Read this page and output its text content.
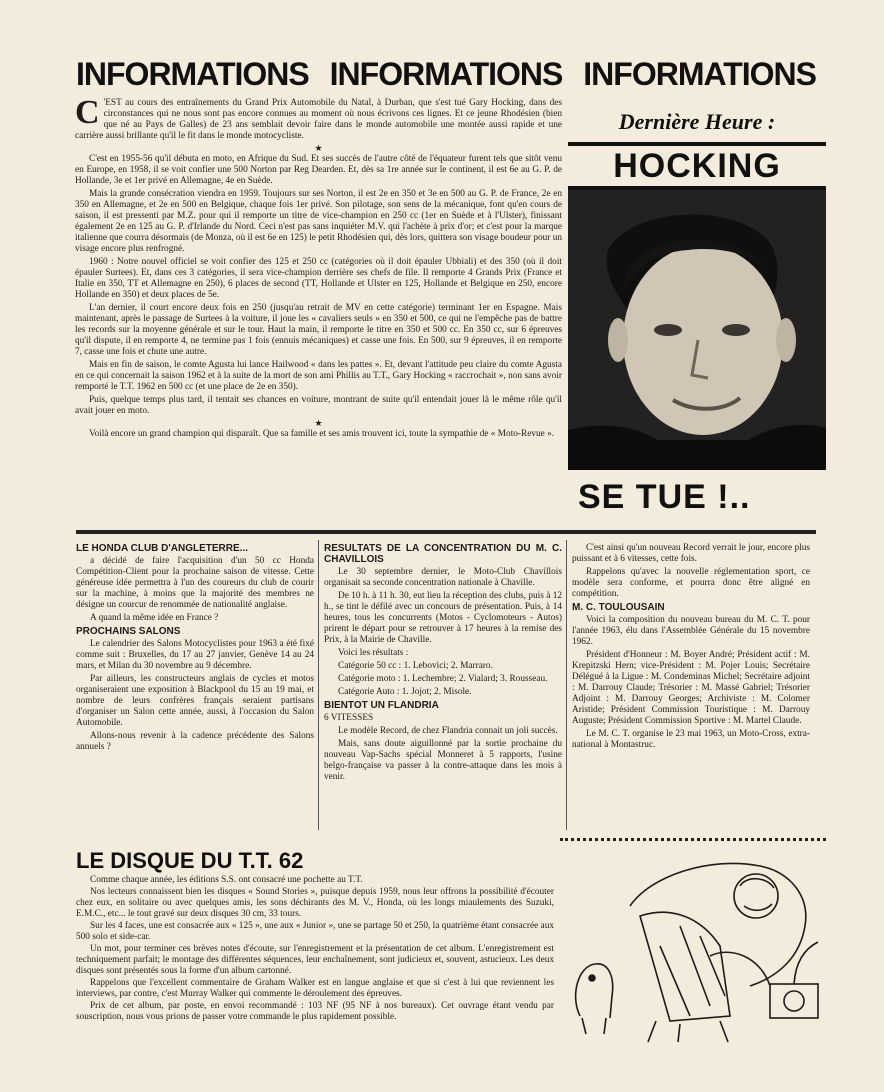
INFORMATIONS INFORMATIONS INFORMATIONS

C 'EST au cours des entraînements du Grand Prix Automobile du Natal, à Durban, que s'est tué Gary Hocking, dans des circonstances qui ne nous sont pas encore connues au moment où nous écrivons ces lignes. Et ce jeune Rhodésien (bien que né au Pays de Galles) de 23 ans semblait devoir faire dans le monde automobile une montée aussi rapide et une carrière aussi brillante qu'il le fit dans le monde motocycliste.

★

C'est en 1955-56 qu'il débuta en moto, en Afrique du Sud. Et ses succès de l'autre côté de l'équateur furent tels que sitôt venu en Europe, en 1958, il se voit confier une 500 Norton par Reg Dearden. Et, dès sa 1re année sur le continent, il est 6e au G. P. de Hollande, 3e et 1er privé en Allemagne, 4e en Suède.

Mais la grande consécration viendra en 1959. Toujours sur ses Norton, il est 2e en 350 et 3e en 500 au G. P. de France, 2e en 350 en Allemagne, et 2e en 500 en Belgique, chaque fois 1er privé. Son pilotage, son sens de la mécanique, font qu'en cours de saison, il est pressenti par M.Z. pour qui il remporte un titre de vice-champion en 250 cc (1er en Suède et à l'Ulster), finissant également 2e en 125 au G. P. d'Irlande du Nord. Ceci n'est pas sans inquiéter M.V. qui l'achète à prix d'or; et c'est pour la marque italienne que courra désormais (de Monza, où il est 6e en 125) le petit Rhodésien qui, dès lors, quittera son visage boudeur pour un visage encore plus renfrogné.

1960 : Notre nouvel officiel se voit confier des 125 et 250 cc (catégories où il doit épauler Ubbiali) et des 350 (où il doit épauler Surtees). Et, dans ces 3 catégories, il sera vice-champion derrière ses chefs de file. Il remporte 4 Grands Prix (France et Italie en 350, TT et Allemagne en 250), 6 places de second (TT, Hollande et Ulster en 125, Hollande et Belgique en 250, encore Hollande en 350) et deux places de 5e.

L'an dernier, il court encore deux fois en 250 (jusqu'au retrait de MV en cette catégorie) terminant 1er en Espagne. Mais maintenant, après le passage de Surtees à la voiture, il joue les « cavaliers seuls » en 350 et 500, ce qui ne l'empêche pas de battre les records sur la moyenne générale et sur le tour. Haut la main, il remporte le titre en 350 et 500 cc. En 350 cc, sur 6 épreuves qu'il dispute, il en remporte 4, ne termine pas 1 fois (ennuis mécaniques) et casse une fois. En 500, sur 9 épreuves, il en remporte 7, casse une fois et chute une autre.

Mais en fin de saison, le comte Agusta lui lance Hailwood « dans les pattes ». Et, devant l'attitude peu claire du comte Agusta en ce qui concernait la saison 1962 et à la suite de la mort de son ami Phillis au T.T., Gary Hocking « raccrochait », non sans avoir remporté le T.T. 1962 en 500 cc (et une place de 2e en 350).

Puis, quelque temps plus tard, il tentait ses chances en voiture, montrant de suite qu'il entendait jouer là le même rôle qu'il avait jouer en moto.

★

Voilà encore un grand champion qui disparaît. Que sa famille et ses amis trouvent ici, toute la sympathie de « Moto-Revue ».

Dernière Heure :
HOCKING
SE TUE !..

LE HONDA CLUB D'ANGLETERRE...

a décidé de faire l'acquisition d'un 50 cc Honda Compétition-Client pour la prochaine saison de vitesse. Cette généreuse idée permettra à l'un des coureurs du club de courir sur la machine, à moins que la majorité des membres ne désigne un courcur de renommée de nationalité anglaise.

A quand la même idée en France ?

PROCHAINS SALONS

Le calendrier des Salons Motocyclistes pour 1963 a été fixé comme suit : Bruxelles, du 17 au 27 janvier, Genève 14 au 24 mars, et Milan du 30 novembre au 9 décembre.

Par ailleurs, les constructeurs anglais de cycles et motos organiseraient une exposition à Blackpool du 15 au 19 mai, et nombre de leurs confrères français seraient partisans d'organiser un Salon cette année, aussi, à l'occasion du Salon Automobile.

Allons-nous revenir à la cadence précédente des Salons annuels ?

RESULTATS DE LA CONCENTRATION DU M. C. CHAVILLOIS

Le 30 septembre dernier, le Moto-Club Chavillois organisait sa seconde concentration nationale à Chaville.

De 10 h. à 11 h. 30, eut lieu la réception des clubs, puis à 12 h., se tint le défilé avec un concours de présentation. Puis, à 14 heures, tous les concurrents (Motos - Cyclomoteurs - Autos) prirent le départ pour se retrouver à 17 heures à la remise des Prix, à la Mairie de Chaville.

Voici les résultats :

Catégorie 50 cc : 1. Lebovici; 2. Marraro.

Catégorie moto : 1. Lechembre; 2. Vialard; 3. Rousseau.

Catégorie Auto : 1. Jojot; 2. Misole.

BIENTOT UN FLANDRIA

6 VITESSES

Le modèle Record, de chez Flandria connait un joli succès.

Mais, sans doute aiguillonné par la sortie prochaine du nouveau Vap-Sachs spécial Monneret à 5 rapports, l'usine belgo-française va passer à la contre-attaque dans les mois à venir.

C'est ainsi qu'un nouveau Record verrait le jour, encore plus puissant et à 6 vitesses, cette fois.

Rappelons qu'avec la nouvelle réglementation sport, ce modèle sera conforme, et pourra donc être aligné en compétition.

M. C. TOULOUSAIN

Voici la composition du nouveau bureau du M. C. T. pour l'année 1963, élu dans l'Assemblée Générale du 15 novembre 1962.

Président d'Honneur : M. Boyer André; Président actif : M. Krepitzski Hern; vice-Président : M. Pojer Louis; Secrétaire Délégué à la Ligue : M. Condeminas Michel; Secrétaire adjoint : M. Darrouy Claude; Trésorier : M. Massé Gabriel; Trésorier Adjoint : M. Darrouy Georges; Archiviste : M. Colomer Aristide; Président Commission Touristique : M. Darrouy Auguste; Président Commission Sportive : M. Martel Claude.

Le M. C. T. organise le 23 mai 1963, un Moto-Cross, extra-national à Montastruc.

LE DISQUE DU T.T. 62

Comme chaque année, les éditions S.S. ont consacré une pochette au T.T.

Nos lecteurs connaissent bien les disques « Sound Stories », puisque depuis 1959, nous leur offrons la possibilité d'écouter chez eux, en solitaire ou avec quelques amis, les sons déchirants des M. V., Honda, où les longs miaulements des Suzuki, E.M.C., etc... le tout gravé sur deux disques 30 cm, 33 tours.

Sur les 4 faces, une est consacrée aux « 125 », une aux « Junior », une se partage 50 et 250, la quatrième étant consacrée aux 500 solo et side-car.

Un mot, pour terminer ces brèves notes d'écoute, sur l'enregistrement et la présentation de cet album. L'enregistrement est techniquement parfait; le montage des différentes séquences, leur enchaînement, sont judicieux et, souvent, astucieux. Les deux disques sont présentés sous la forme d'un album cartonné.

Rappelons que l'excellent commentaire de Graham Walker est en langue anglaise et que si c'est à lui que reviennent les interviews, par contre, c'est Murray Walker qui commente le déroulement des épreuves.

Prix de cet album, par poste, en envoi recommandé : 103 NF (95 NF à nos bureaux). Cet ouvrage étant vendu par souscription, nous vous prions de passer votre commande le plus rapidement possible.
